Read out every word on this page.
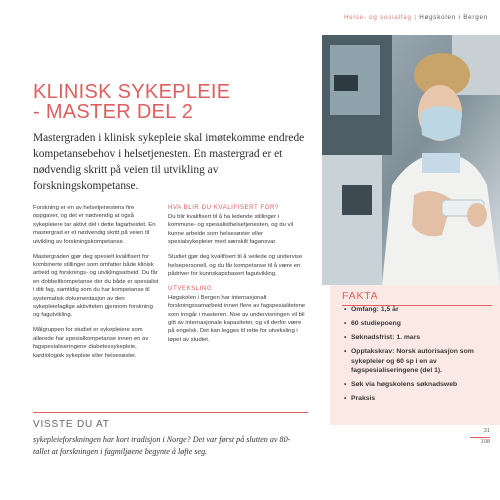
Helse- og sosialfag | Høgskolen i Bergen
KLINISK SYKEPLEIE
- MASTER DEL 2

Mastergraden i klinisk sykepleie skal imøtekomme endrede kompetansebehov i helsetjenesten. En mastergrad er et nødvendig skritt på veien til utvikling av forskningskompetanse.

Forskning er en av helsetjenestens fire oppgaver, og det er nødvendig at også sykepleiere tar aktivt del i dette fagarbeidet. En mastergrad er et nødvendig skritt på veien til utvikling av forskningskompetanse.

Mastergraden gjør deg spesielt kvalifisert for kombinerte stillinger som omfatter både klinisk arbeid og forsknings- og utviklingsarbeid. Du får en dobbeltkompetanse der du både er spesialist i ditt fag, samtidig som du har kompetanse til systematisk dokumentasjon av den sykepleiefaglige aktiviteten gjennom forskning og fagutvikling.

Målgruppen for studiet er sykepleiere som allerede har spesialkompetanse innen en av fagspesialiseringene diabetessykepleie, kardiologisk sykepleie eller helsesøster.

HVA BLIR DU KVALIFISERT FOR?

Du blir kvalifisert til å ha ledende stillinger i kommune- og spesialisthelsetjenesten, og du vil kunne arbeide som helsesøster eller spesialsykepleier med særskilt fagansvar.

Studiet gjør deg kvalifisert til å veilede og undervise helsepersonell, og du får kompetanse til å være en pådriver for kunnskapsbasert fagutvikling.

UTVEKSLING

Høgskolen i Bergen har internasjonalt forskningssamarbeid innen flere av fagspesialitetene som inngår i masteren. Noe av undervisningen vil bli gitt av internasjonale kapasiteter, og vil derfor være på engelsk. Det kan legges til rette for utveksling i løpet av studiet.

FAKTA
• Omfang: 1,5 år
• 60 studiepoeng
• Søknadsfrist: 1. mars
• Opptakskrav: Norsk autorisasjon som sykepleier og 60 sp i en av fagspesialiseringene (del 1).
• Søk via høgskolens søknadsweb
• Praksis
VISSTE DU AT

sykepleieforskningen har kort tradisjon i Norge? Det var først på slutten av 80-tallet at forskningen i fagmiljøene begynte å løfte seg.

31
108
